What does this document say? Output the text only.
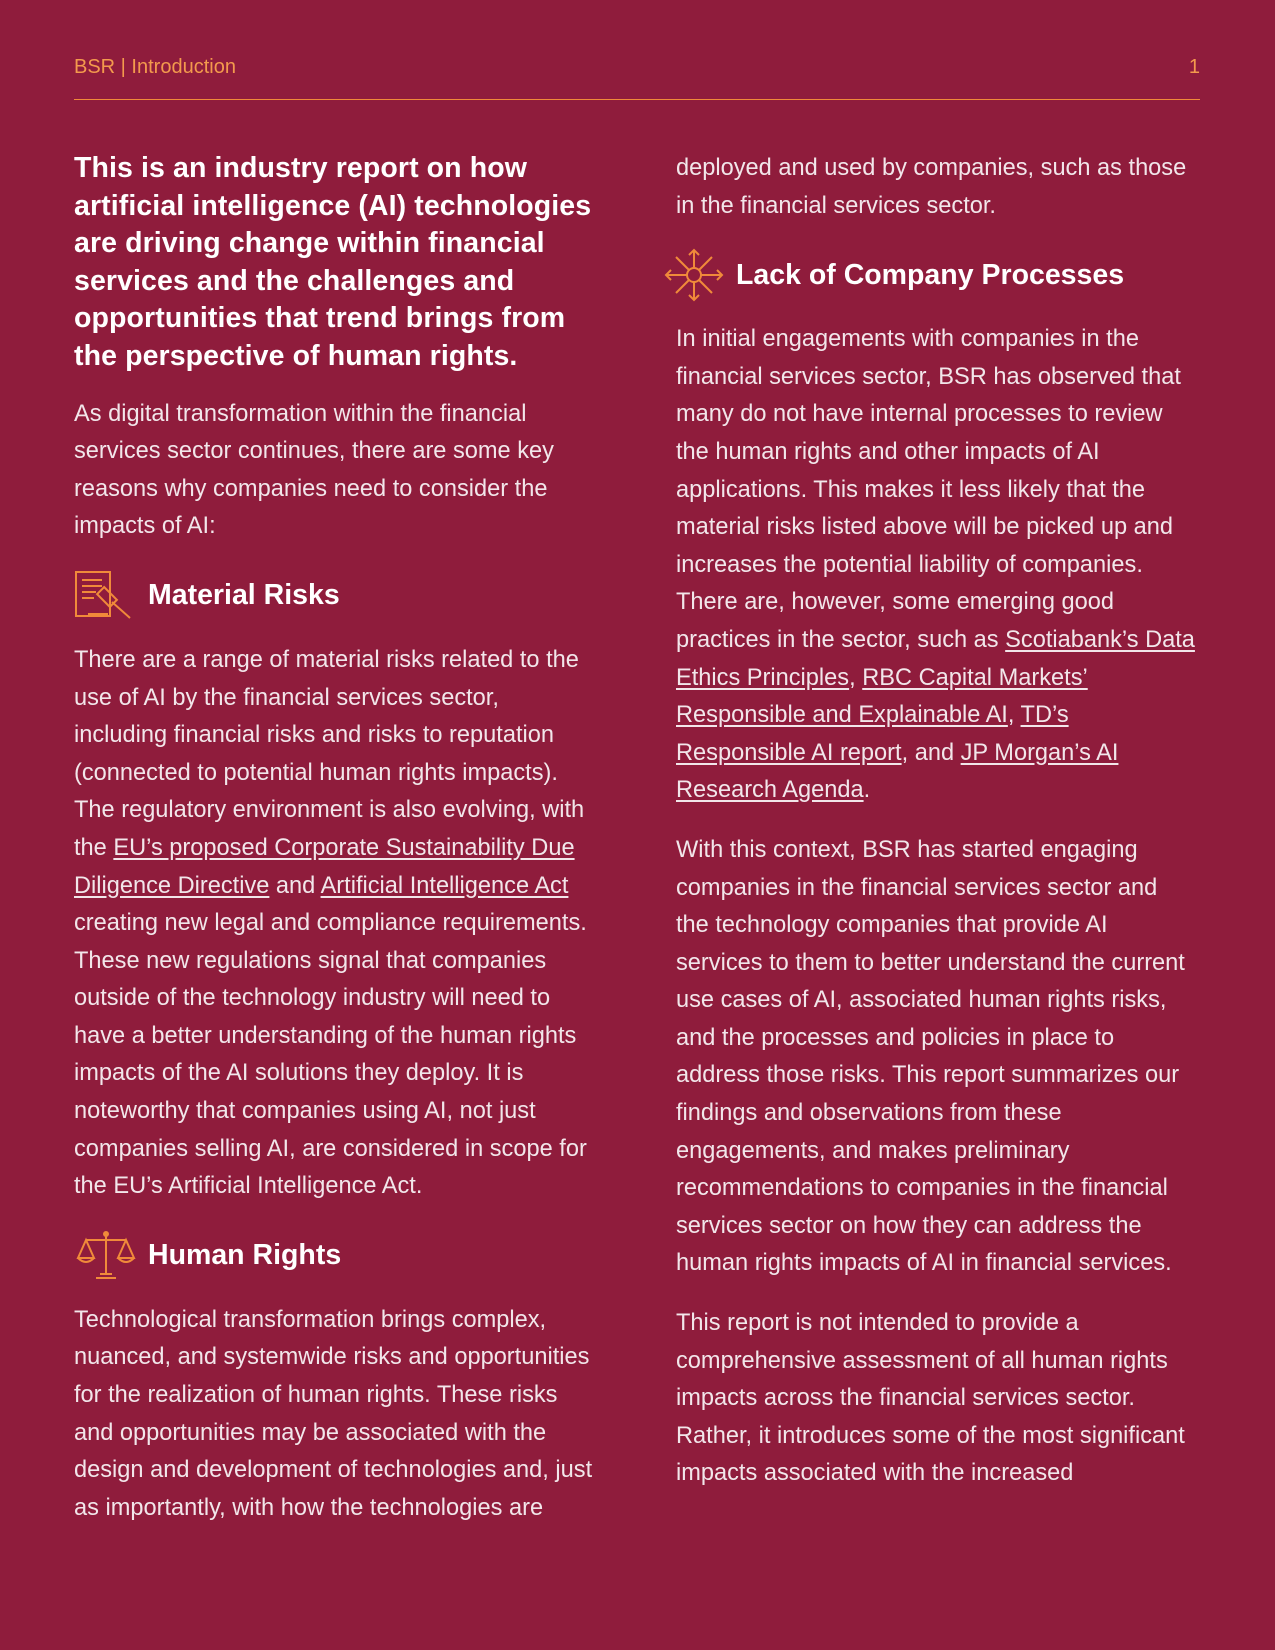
BSR | Introduction	1

This is an industry report on how artificial intelligence (AI) technologies are driving change within financial services and the challenges and opportunities that trend brings from the perspective of human rights.

As digital transformation within the financial services sector continues, there are some key reasons why companies need to consider the impacts of AI:

Material Risks

There are a range of material risks related to the use of AI by the financial services sector, including financial risks and risks to reputation (connected to potential human rights impacts). The regulatory environment is also evolving, with the EU’s proposed Corporate Sustainability Due Diligence Directive and Artificial Intelligence Act creating new legal and compliance requirements. These new regulations signal that companies outside of the technology industry will need to have a better understanding of the human rights impacts of the AI solutions they deploy. It is noteworthy that companies using AI, not just companies selling AI, are considered in scope for the EU’s Artificial Intelligence Act.

Human Rights

Technological transformation brings complex, nuanced, and systemwide risks and opportunities for the realization of human rights. These risks and opportunities may be associated with the design and development of technologies and, just as importantly, with how the technologies are

deployed and used by companies, such as those in the financial services sector.

Lack of Company Processes

In initial engagements with companies in the financial services sector, BSR has observed that many do not have internal processes to review the human rights and other impacts of AI applications. This makes it less likely that the material risks listed above will be picked up and increases the potential liability of companies. There are, however, some emerging good practices in the sector, such as Scotiabank’s Data Ethics Principles, RBC Capital Markets’ Responsible and Explainable AI, TD’s Responsible AI report, and JP Morgan’s AI Research Agenda.

With this context, BSR has started engaging companies in the financial services sector and the technology companies that provide AI services to them to better understand the current use cases of AI, associated human rights risks, and the processes and policies in place to address those risks. This report summarizes our findings and observations from these engagements, and makes preliminary recommendations to companies in the financial services sector on how they can address the human rights impacts of AI in financial services.

This report is not intended to provide a comprehensive assessment of all human rights impacts across the financial services sector. Rather, it introduces some of the most significant impacts associated with the increased
